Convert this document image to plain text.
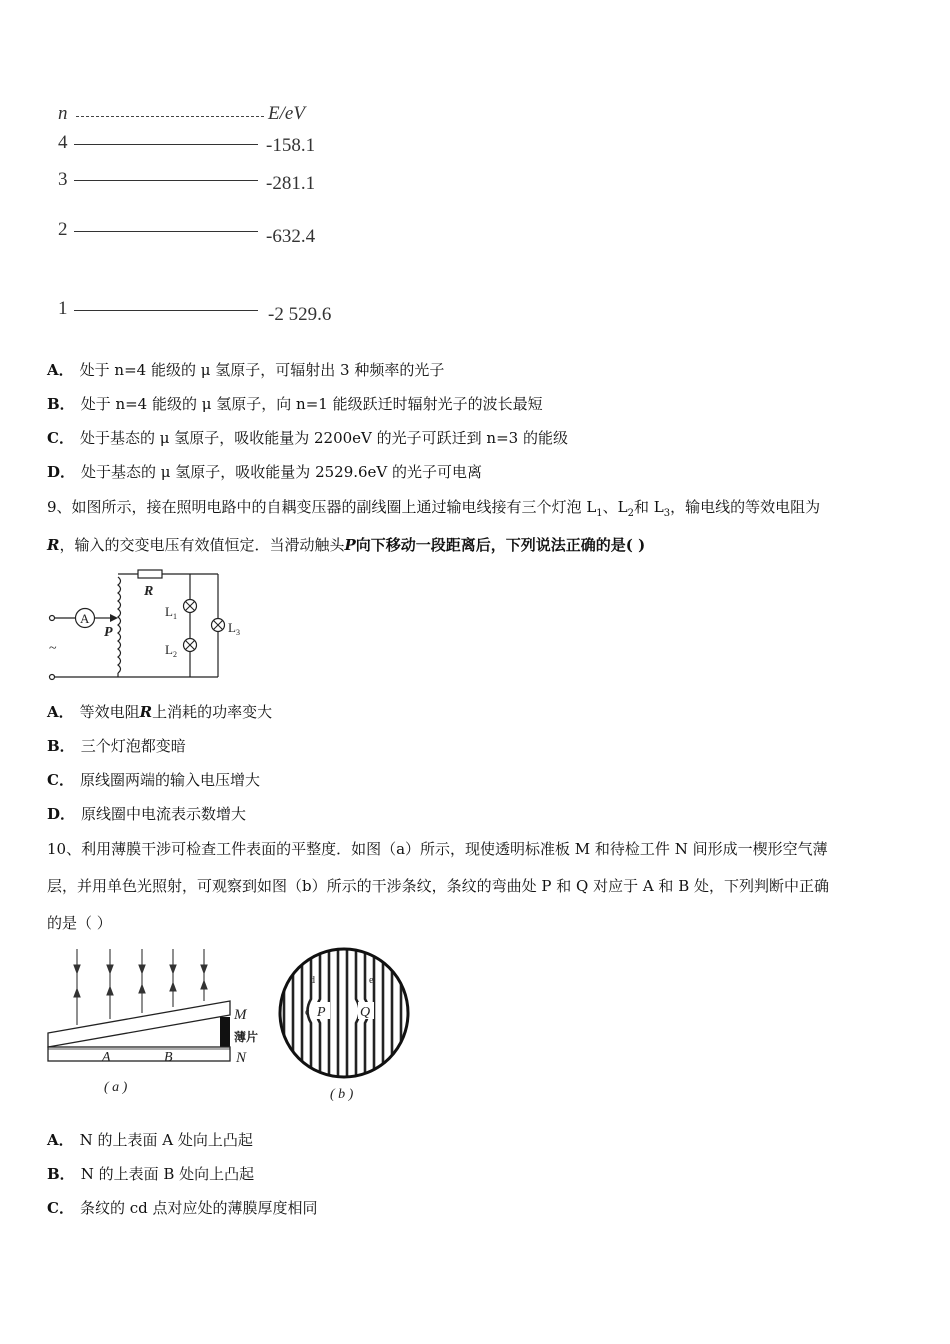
n	E/eV
4	-158.1
3	-281.1
2	-632.4
1	-2 529.6
A． 处于 n=4 能级的 μ 氢原子，可辐射出 3 种频率的光子
B． 处于 n=4 能级的 μ 氢原子，向 n=1 能级跃迁时辐射光子的波长最短
C． 处于基态的 μ 氢原子，吸收能量为 2200eV 的光子可跃迁到 n=3 的能级
D． 处于基态的 μ 氢原子，吸收能量为 2529.6eV 的光子可电离
9、如图所示，接在照明电路中的自耦变压器的副线圈上通过输电线接有三个灯泡 $L_1$、$L_2$和 $L_3$，输电线的等效电阻为
R，输入的交变电压有效值恒定．当滑动触头P向下移动一段距离后，下列说法正确的是( )
~
A
P
R
$L_1$
$L_2$
$L_3$
A． 等效电阻R上消耗的功率变大
B． 三个灯泡都变暗
C． 原线圈两端的输入电压增大
D． 原线圈中电流表示数增大
10、利用薄膜干涉可检查工件表面的平整度．如图（a）所示，现使透明标准板 M 和待检工件 N 间形成一楔形空气薄
层，并用单色光照射，可观察到如图（b）所示的干涉条纹，条纹的弯曲处 P 和 Q 对应于 A 和 B 处，下列判断中正确
的是（ ）
M
薄片
N
A	B
( a )
P Q
c
d	e
( b )
A． N 的上表面 A 处向上凸起
B． N 的上表面 B 处向上凸起
C． 条纹的 cd 点对应处的薄膜厚度相同
